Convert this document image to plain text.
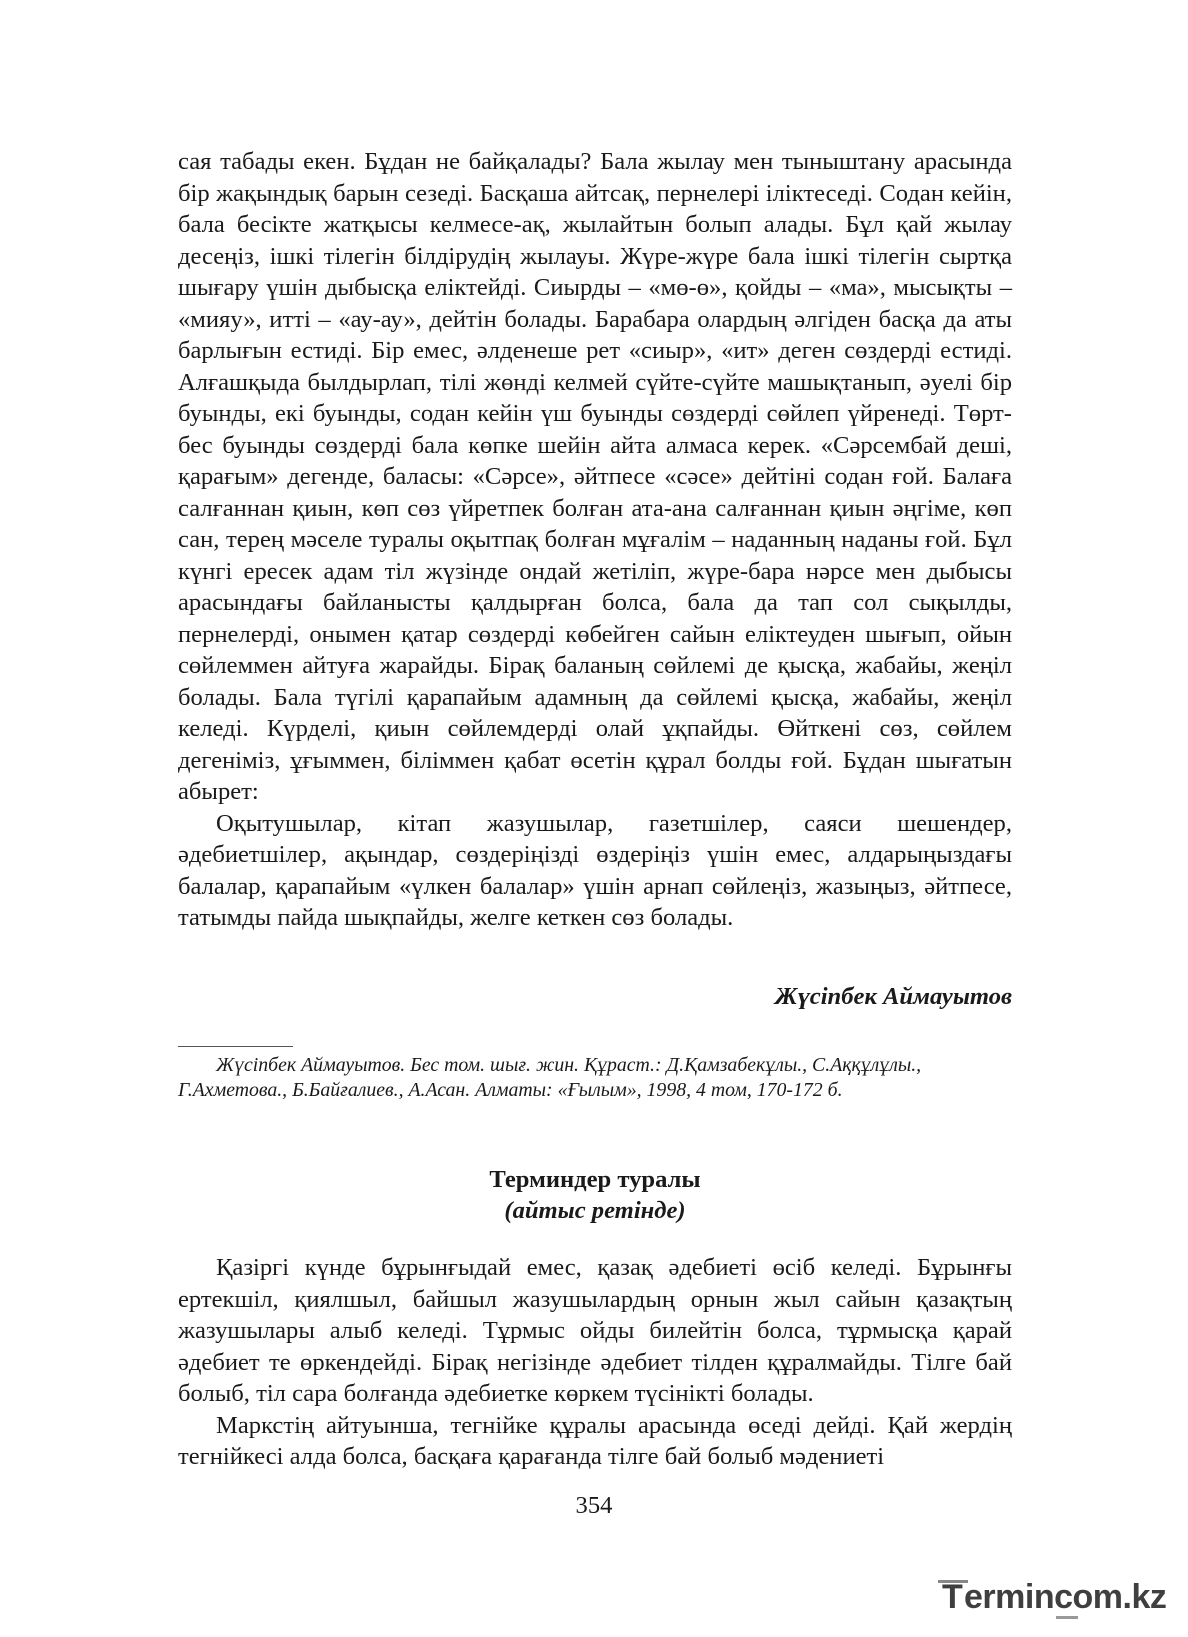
сая табады екен. Бұдан не байқалады? Бала жылау мен тыныштану арасында бір жақындық барын сезеді. Басқаша айтсақ, пернелері іліктеседі. Содан кейін, бала бесікте жатқысы келмесе-ақ, жылайтын болып алады. Бұл қай жылау десеңіз, ішкі тілегін білдірудің жылауы. Жүре-жүре бала ішкі тілегін сыртқа шығару үшін дыбысқа еліктейді. Сиырды – «мө-ө», қойды – «ма», мысықты – «мияу», итті – «ау-ау», дейтін болады. Барабара олардың әлгіден басқа да аты барлығын естиді. Бір емес, әлденеше рет «сиыр», «ит» деген сөздерді естиді. Алғашқыда былдырлап, тілі жөнді келмей сүйте-сүйте машықтанып, әуелі бір буынды, екі буынды, содан кейін үш буынды сөздерді сөйлеп үйренеді. Төрт-бес буынды сөздерді бала көпке шейін айта алмаса керек. «Сәрсембай деші, қарағым» дегенде, баласы: «Сәрсе», әйтпесе «сәсе» дейтіні содан ғой. Балаға салғаннан қиын, көп сөз үйретпек болған ата-ана салғаннан қиын әңгіме, көп сан, терең мәселе туралы оқытпақ болған мұғалім – наданның наданы ғой. Бұл күнгі ересек адам тіл жүзінде ондай жетіліп, жүре-бара нәрсе мен дыбысы арасындағы байланысты қалдырған болса, бала да тап сол сықылды, пернелерді, онымен қатар сөздерді көбейген сайын еліктеуден шығып, ойын сөйлеммен айтуға жарайды. Бірақ баланың сөйлемі де қысқа, жабайы, жеңіл болады. Бала түгілі қарапайым адамның да сөйлемі қысқа, жабайы, жеңіл келеді. Күрделі, қиын сөйлемдерді олай ұқпайды. Өйткені сөз, сөйлем дегеніміз, ұғыммен, біліммен қабат өсетін құрал болды ғой. Бұдан шығатын абырет:

Оқытушылар, кітап жазушылар, газетшілер, саяси шешендер, әдебиетшілер, ақындар, сөздеріңізді өздеріңіз үшін емес, алдарыңыздағы балалар, қарапайым «үлкен балалар» үшін арнап сөйлеңіз, жазыңыз, әйтпесе, татымды пайда шықпайды, желге кеткен сөз болады.

Жүсіпбек Аймауытов
Жүсіпбек Аймауытов. Бес том. шығ. жин. Құраст.: Д.Қамзабекұлы., С.Аққұлұлы.,
Г.Ахметова., Б.Байғалиев., А.Асан. Алматы: «Ғылым», 1998, 4 том, 170-172 б.
Терминдер туралы
(айтыс ретінде)

Қазіргі күнде бұрынғыдай емес, қазақ әдебиеті өсіб келеді. Бұрынғы ертекшіл, қиялшыл, байшыл жазушылардың орнын жыл сайын қазақтың жазушылары алыб келеді. Тұрмыс ойды билейтін болса, тұрмысқа қарай әдебиет те өркендейді. Бірақ негізінде әдебиет тілден құралмайды. Тілге бай болыб, тіл сара болғанда әдебиетке көркем түсінікті болады.

Маркстің айтуынша, тегнійке құралы арасында өседі дейді. Қай жердің тегнійкесі алда болса, басқаға қарағанда тілге бай болыб мәдениеті

354
T ermincom.kz
